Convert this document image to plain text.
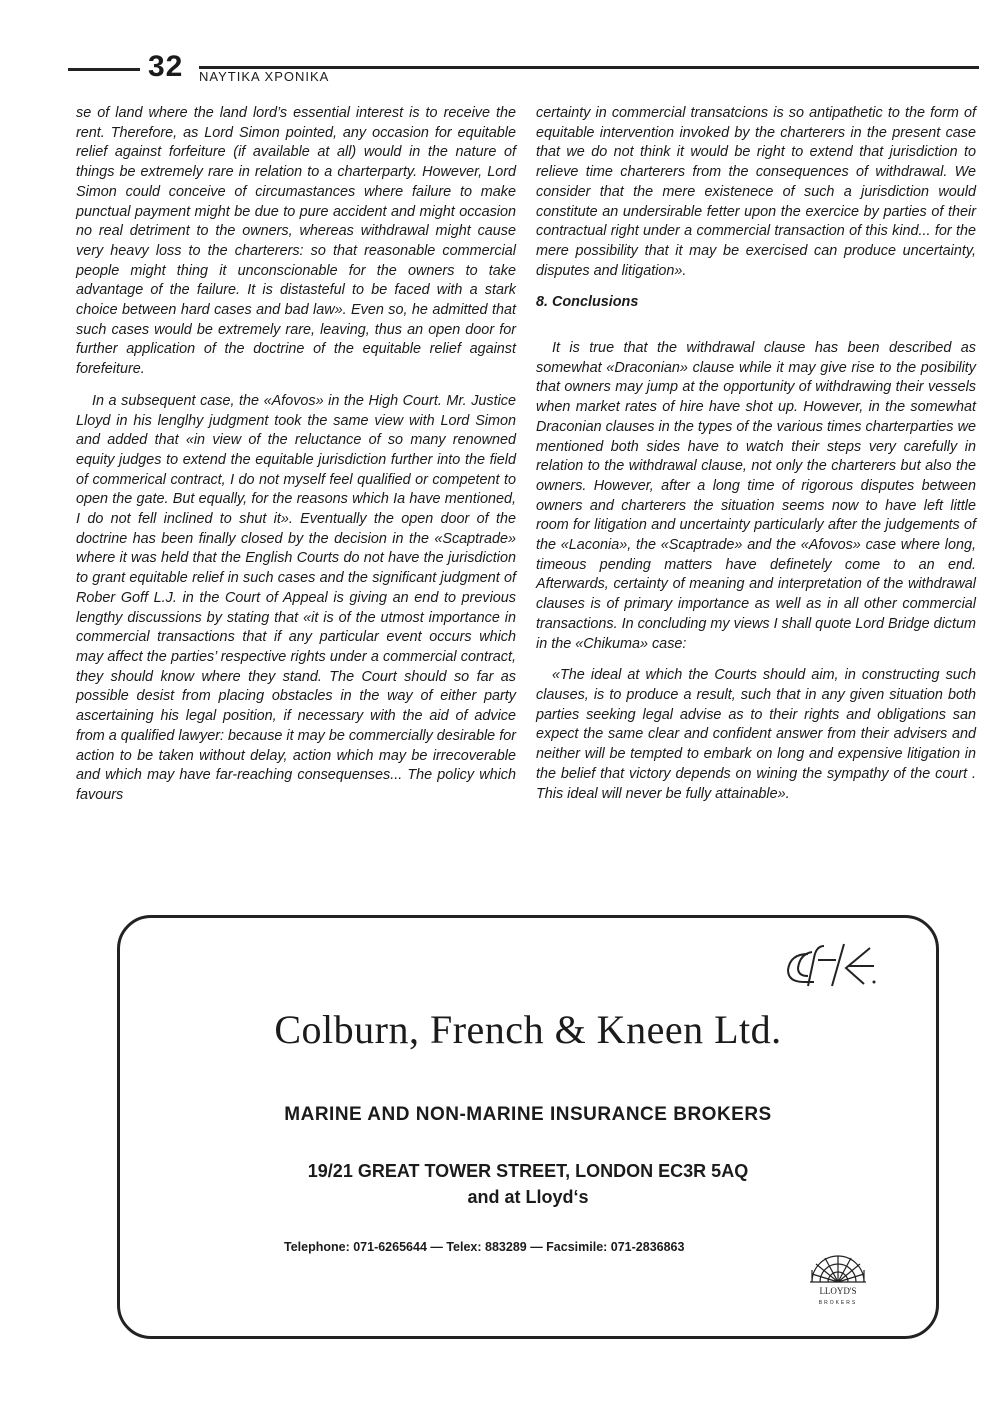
32 ΝΑΥΤΙΚΑ ΧΡΟΝΙΚΑ

se of land where the land lord’s essential interest is to receive the rent. Therefore, as Lord Simon pointed, any occasion for equitable relief against forfeiture (if available at all) would in the nature of things be extremely rare in relation to a charterparty. However, Lord Simon could conceive of circumastances where failure to make punctual payment might be due to pure accident and might occasion no real detriment to the owners, whereas withdrawal might cause very heavy loss to the charterers: so that reasonable commercial people might thing it unconscionable for the owners to take advantage of the failure. It is distasteful to be faced with a stark choice between hard cases and bad law». Even so, he admitted that such cases would be extremely rare, leaving, thus an open door for further application of the doctrine of the equitable relief against forefeiture.

In a subsequent case, the «Afovos» in the High Court. Mr. Justice Lloyd in his lenglhy judgment took the same view with Lord Simon and added that «in view of the reluctance of so many renowned equity judges to extend the equitable jurisdiction further into the field of commerical contract, I do not myself feel qualified or competent to open the gate. But equally, for the reasons which Ia have mentioned, I do not fell inclined to shut it». Eventually the open door of the doctrine has been finally closed by the decision in the «Scaptrade» where it was held that the English Courts do not have the jurisdiction to grant equitable relief in such cases and the significant judgment of Rober Goff L.J. in the Court of Appeal is giving an end to previous lengthy discussions by stating that «it is of the utmost importance in commercial transactions that if any particular event occurs which may affect the parties’ respective rights under a commercial contract, they should know where they stand. The Court should so far as possible desist from placing obstacles in the way of either party ascertaining his legal position, if necessary with the aid of advice from a qualified lawyer: because it may be commercially desirable for action to be taken without delay, action which may be irrecoverable and which may have far-reaching consequenses... The policy which favours

certainty in commercial transatcions is so antipathetic to the form of equitable intervention invoked by the charterers in the present case that we do not think it would be right to extend that jurisdiction to relieve time charterers from the consequences of withdrawal. We consider that the mere existenece of such a jurisdiction would constitute an undersirable fetter upon the exercice by parties of their contractual right under a commercial transaction of this kind... for the mere possibility that it may be exercised can produce uncertainty, disputes and litigation».

8. Conclusions

It is true that the withdrawal clause has been described as somewhat «Draconian» clause while it may give rise to the posibility that owners may jump at the opportunity of withdrawing their vessels when market rates of hire have shot up. However, in the somewhat Draconian clauses in the types of the various times charterparties we mentioned both sides have to watch their steps very carefully in relation to the withdrawal clause, not only the charterers but also the owners. However, after a long time of rigorous disputes between owners and charterers the situation seems now to have left little room for litigation and uncertainty particularly after the judgements of the «Laconia», the «Scaptrade» and the «Afovos» case where long, timeous pending matters have definetely come to an end. Afterwards, certainty of meaning and interpretation of the withdrawal clauses is of primary importance as well as in all other commercial transactions. In concluding my views I shall quote Lord Bridge dictum in the «Chikuma» case:

«The ideal at which the Courts should aim, in constructing such clauses, is to produce a result, such that in any given situation both parties seeking legal advise as to their rights and obligations san expect the same clear and confident answer from their advisers and neither will be tempted to embark on long and expensive litigation in the belief that victory depends on wining the sympathy of the court . This ideal will never be fully attainable».

Colburn, French & Kneen Ltd.
MARINE AND NON-MARINE INSURANCE BROKERS
19/21 GREAT TOWER STREET, LONDON EC3R 5AQ
and at Lloyd‘s
Telephone: 071-6265644 — Telex: 883289 — Facsimile: 071-2836863
LLOYD'S
BROKERS
